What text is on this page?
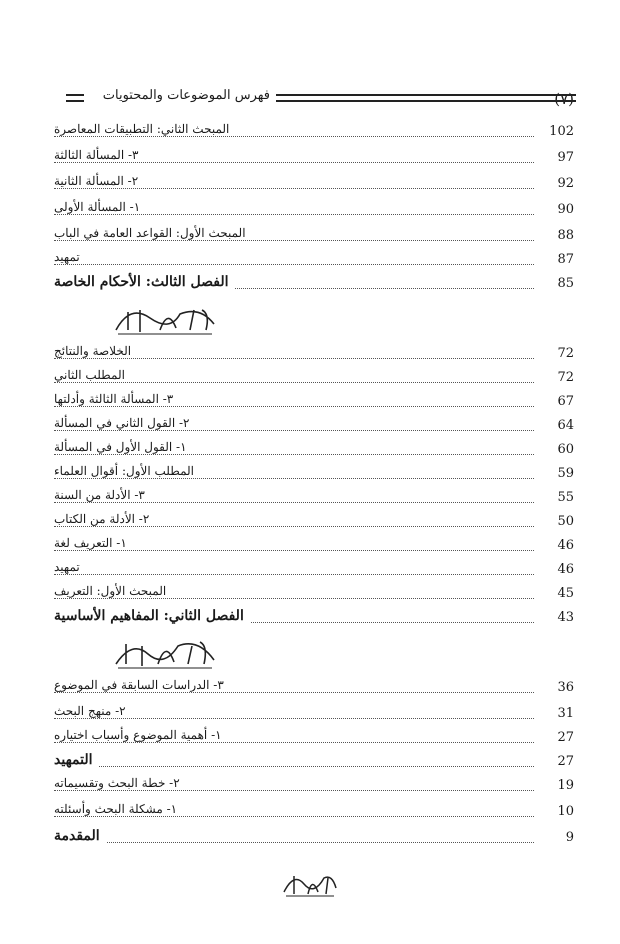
(٧)
فهرس الموضوعات والمحتويات
102
المبحث الثاني: التطبيقات المعاصرة
97
٣- المسألة الثالثة
92
٢- المسألة الثانية
90
١- المسألة الأولى
88
المبحث الأول: القواعد العامة في الباب
87
تمهيد
85
الفصل الثالث: الأحكام الخاصة
72
الخلاصة والنتائج
72
المطلب الثاني
67
٣- المسألة الثالثة وأدلتها
64
٢- القول الثاني في المسألة
60
١- القول الأول في المسألة
59
المطلب الأول: أقوال العلماء
55
٣- الأدلة من السنة
50
٢- الأدلة من الكتاب
46
١- التعريف لغة
46
تمهيد
45
المبحث الأول: التعريف
43
الفصل الثاني: المفاهيم الأساسية
36
٣- الدراسات السابقة في الموضوع
31
٢- منهج البحث
27
١- أهمية الموضوع وأسباب اختياره
27
التمهيد
19
٢- خطة البحث وتقسيماته
10
١- مشكلة البحث وأسئلته
9
المقدمة
